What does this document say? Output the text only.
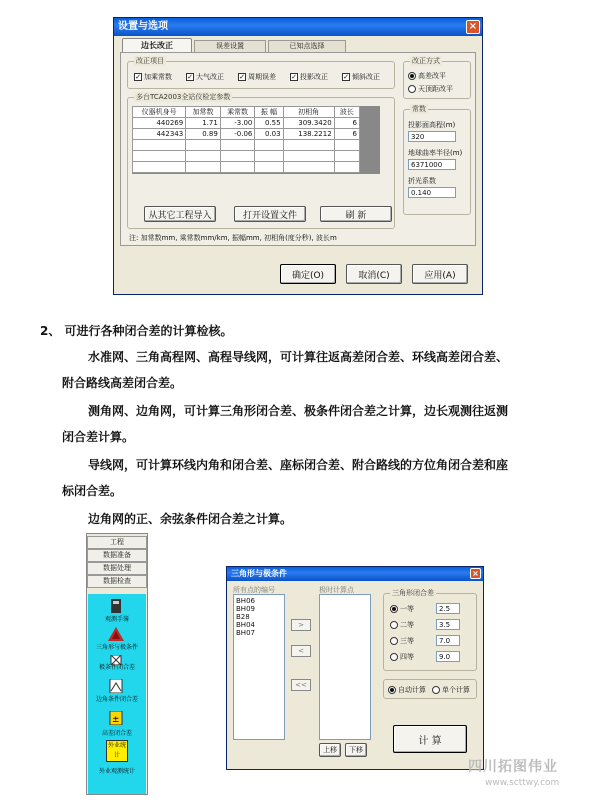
设置与选项	×
边长改正	误差设置	已知点选择
改正项目
✓ 加乘常数 ✓ 大气改正 ✓ 周期误差 ✓ 投影改正 ✓ 倾斜改正
改正方式
高差改平
天顶距改平
多台TCA2003全站仪检定参数
仪器机身号	加常数	乘常数	振 幅	初相角	波长
440269	1.71	-3.00	0.55	309.3420	6
442343	0.89	-0.06	0.03	138.2212	6

从其它工程导入	打开设置文件	刷 新
常数
投影面高程(m)
320
地球曲率半径(m)
6371000
折光系数
0.140
注: 加常数mm, 乘常数mm/km, 振幅mm, 初相角(度分秒), 波长m
确定(O)	取消(C)	应用(A)
2、 可进行各种闭合差的计算检核。
水准网、三角高程网、高程导线网，可计算往返高差闭合差、环线高差闭合差、
附合路线高差闭合差。
测角网、边角网，可计算三角形闭合差、极条件闭合差之计算，边长观测往返测
闭合差计算。
导线网，可计算环线内角和闭合差、座标闭合差、附合路线的方位角闭合差和座
标闭合差。
边角网的正、余弦条件闭合差之计算。
工程
数据准备
数据处理
数据检查
观测手簿
三角形与极条件
极条件闭合差
边角条件闭合差
±
高差闭合差
外业统计
外业观测统计
三角形与极条件	×
所有点的编号
BH06
BH09
B28
BH04
BH07
>
<
<<
极时计算点
上移	下移
三角形闭合差
一等	2.5
二等	3.5
三等	7.0
四等	9.0
自动计算 单个计算
计 算
四川拓图伟业
www.scttwy.com
